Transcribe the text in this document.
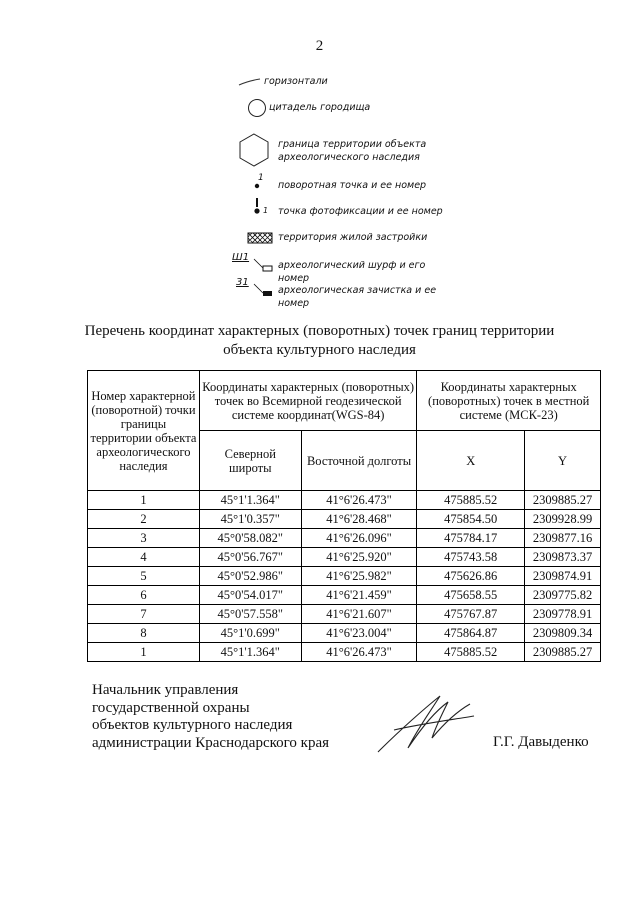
2
горизонтали
цитадель городища
граница территории объекта
археологического наследия
1
поворотная точка и ее номер
1 точка фотофиксации и ее номер
территория жилой застройки
Ш1
археологический шурф и его
номер
31
археологическая зачистка и ее
номер
Перечень координат характерных (поворотных) точек границ территории
объекта культурного наследия
Номер характерной (поворотной) точки границы территории объекта археологического наследия	Координаты характерных (поворотных) точек во Всемирной геодезической системе координат(WGS-84)		Координаты характерных (поворотных) точек в местной системе (МСК-23)	
	Северной широты	Восточной долготы	X	Y
1	45°1'1.364"	41°6'26.473"	475885.52	2309885.27
2	45°1'0.357"	41°6'28.468"	475854.50	2309928.99
3	45°0'58.082"	41°6'26.096"	475784.17	2309877.16
4	45°0'56.767"	41°6'25.920"	475743.58	2309873.37
5	45°0'52.986"	41°6'25.982"	475626.86	2309874.91
6	45°0'54.017"	41°6'21.459"	475658.55	2309775.82
7	45°0'57.558"	41°6'21.607"	475767.87	2309778.91
8	45°1'0.699"	41°6'23.004"	475864.87	2309809.34
1	45°1'1.364"	41°6'26.473"	475885.52	2309885.27
Начальник управления
государственной охраны
объектов культурного наследия
администрации Краснодарского края	Г.Г. Давыденко
